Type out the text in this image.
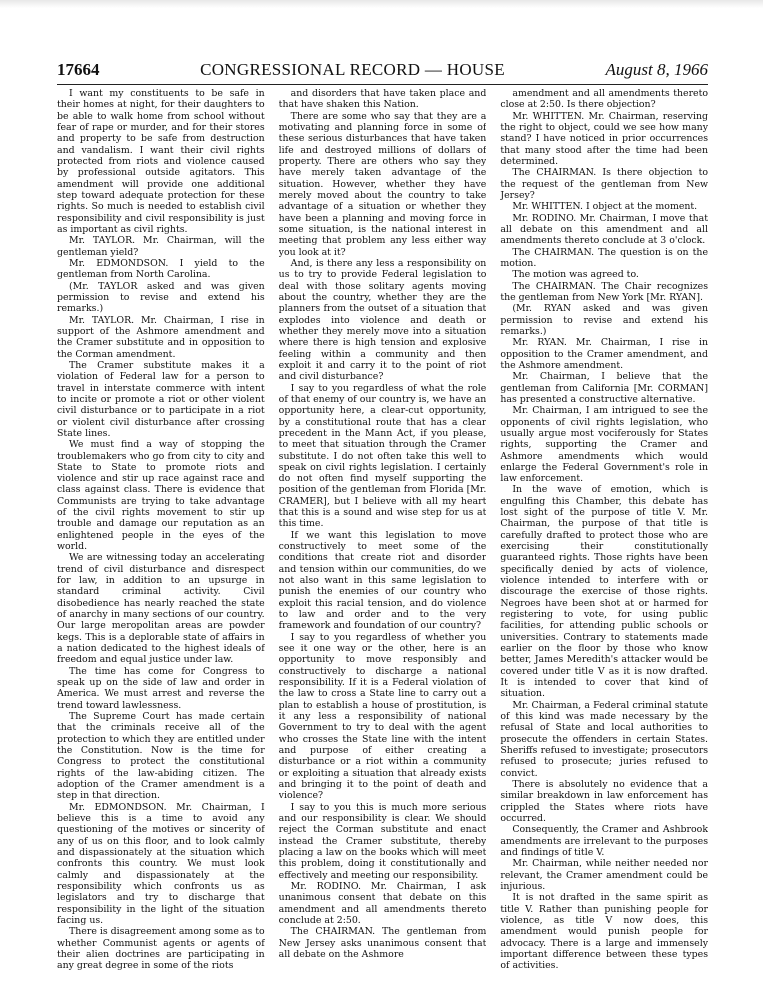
17664	CONGRESSIONAL RECORD — HOUSE	August 8, 1966

I want my constituents to be safe in their homes at night, for their daughters to be able to walk home from school without fear of rape or murder, and for their stores and property to be safe from destruction and vandalism. I want their civil rights protected from riots and violence caused by professional outside agitators. This amendment will provide one additional step toward adequate protection for these rights. So much is needed to establish civil responsibility and civil responsibility is just as important as civil rights.

Mr. TAYLOR. Mr. Chairman, will the gentleman yield?

Mr. EDMONDSON. I yield to the gentleman from North Carolina.

(Mr. TAYLOR asked and was given permission to revise and extend his remarks.)

Mr. TAYLOR. Mr. Chairman, I rise in support of the Ashmore amendment and the Cramer substitute and in opposition to the Corman amendment.

The Cramer substitute makes it a violation of Federal law for a person to travel in interstate commerce with intent to incite or promote a riot or other violent civil disturbance or to participate in a riot or violent civil disturbance after crossing State lines.

We must find a way of stopping the troublemakers who go from city to city and State to State to promote riots and violence and stir up race against race and class against class. There is evidence that Communists are trying to take advantage of the civil rights movement to stir up trouble and damage our reputation as an enlightened people in the eyes of the world.

We are witnessing today an accelerating trend of civil disturbance and disrespect for law, in addition to an upsurge in standard criminal activity. Civil disobedience has nearly reached the state of anarchy in many sections of our country. Our large meropolitan areas are powder kegs. This is a deplorable state of affairs in a nation dedicated to the highest ideals of freedom and equal justice under law.

The time has come for Congress to speak up on the side of law and order in America. We must arrest and reverse the trend toward lawlessness.

The Supreme Court has made certain that the criminals receive all of the protection to which they are entitled under the Constitution. Now is the time for Congress to protect the constitutional rights of the law-abiding citizen. The adoption of the Cramer amendment is a step in that direction.

Mr. EDMONDSON. Mr. Chairman, I believe this is a time to avoid any questioning of the motives or sincerity of any of us on this floor, and to look calmly and dispassionately at the situation which confronts this country. We must look calmly and dispassionately at the responsibility which confronts us as legislators and try to discharge that responsibility in the light of the situation facing us.

There is disagreement among some as to whether Communist agents or agents of their alien doctrines are participating in any great degree in some of the riots

and disorders that have taken place and that have shaken this Nation.

There are some who say that they are a motivating and planning force in some of these serious disturbances that have taken life and destroyed millions of dollars of property. There are others who say they have merely taken advantage of the situation. However, whether they have merely moved about the country to take advantage of a situation or whether they have been a planning and moving force in some situation, is the national interest in meeting that problem any less either way you look at it?

And, is there any less a responsibility on us to try to provide Federal legislation to deal with those solitary agents moving about the country, whether they are the planners from the outset of a situation that explodes into violence and death or whether they merely move into a situation where there is high tension and explosive feeling within a community and then exploit it and carry it to the point of riot and civil disturbance?

I say to you regardless of what the role of that enemy of our country is, we have an opportunity here, a clear-cut opportunity, by a constitutional route that has a clear precedent in the Mann Act, if you please, to meet that situation through the Cramer substitute. I do not often take this well to speak on civil rights legislation. I certainly do not often find myself supporting the position of the gentleman from Florida [Mr. CRAMER], but I believe with all my heart that this is a sound and wise step for us at this time.

If we want this legislation to move constructively to meet some of the conditions that create riot and disorder and tension within our communities, do we not also want in this same legislation to punish the enemies of our country who exploit this racial tension, and do violence to law and order and to the very framework and foundation of our country?

I say to you regardless of whether you see it one way or the other, here is an opportunity to move responsibly and constructively to discharge a national responsibility. If it is a Federal violation of the law to cross a State line to carry out a plan to establish a house of prostitution, is it any less a responsibility of national Government to try to deal with the agent who crosses the State line with the intent and purpose of either creating a disturbance or a riot within a community or exploiting a situation that already exists and bringing it to the point of death and violence?

I say to you this is much more serious and our responsibility is clear. We should reject the Corman substitute and enact instead the Cramer substitute, thereby placing a law on the books which will meet this problem, doing it constitutionally and effectively and meeting our responsibility.

Mr. RODINO. Mr. Chairman, I ask unanimous consent that debate on this amendment and all amendments thereto conclude at 2:50.

The CHAIRMAN. The gentleman from New Jersey asks unanimous consent that all debate on the Ashmore

amendment and all amendments thereto close at 2:50. Is there objection?

Mr. WHITTEN. Mr. Chairman, reserving the right to object, could we see how many stand? I have noticed in prior occurrences that many stood after the time had been determined.

The CHAIRMAN. Is there objection to the request of the gentleman from New Jersey?

Mr. WHITTEN. I object at the moment.

Mr. RODINO. Mr. Chairman, I move that all debate on this amendment and all amendments thereto conclude at 3 o'clock.

The CHAIRMAN. The question is on the motion.

The motion was agreed to.

The CHAIRMAN. The Chair recognizes the gentleman from New York [Mr. RYAN].

(Mr. RYAN asked and was given permission to revise and extend his remarks.)

Mr. RYAN. Mr. Chairman, I rise in opposition to the Cramer amendment, and the Ashmore amendment.

Mr. Chairman, I believe that the gentleman from California [Mr. CORMAN] has presented a constructive alternative.

Mr. Chairman, I am intrigued to see the opponents of civil rights legislation, who usually argue most vociferously for States rights, supporting the Cramer and Ashmore amendments which would enlarge the Federal Government's role in law enforcement.

In the wave of emotion, which is engulfing this Chamber, this debate has lost sight of the purpose of title V. Mr. Chairman, the purpose of that title is carefully drafted to protect those who are exercising their constitutionally guaranteed rights. Those rights have been specifically denied by acts of violence, violence intended to interfere with or discourage the exercise of those rights. Negroes have been shot at or harmed for registering to vote, for using public facilities, for attending public schools or universities. Contrary to statements made earlier on the floor by those who know better, James Meredith's attacker would be covered under title V as it is now drafted. It is intended to cover that kind of situation.

Mr. Chairman, a Federal criminal statute of this kind was made necessary by the refusal of State and local authorities to prosecute the offenders in certain States. Sheriffs refused to investigate; prosecutors refused to prosecute; juries refused to convict.

There is absolutely no evidence that a similar breakdown in law enforcement has crippled the States where riots have occurred.

Consequently, the Cramer and Ashbrook amendments are irrelevant to the purposes and findings of title V.

Mr. Chairman, while neither needed nor relevant, the Cramer amendment could be injurious.

It is not drafted in the same spirit as title V. Rather than punishing people for violence, as title V now does, this amendment would punish people for advocacy. There is a large and immensely important difference between these types of activities.
